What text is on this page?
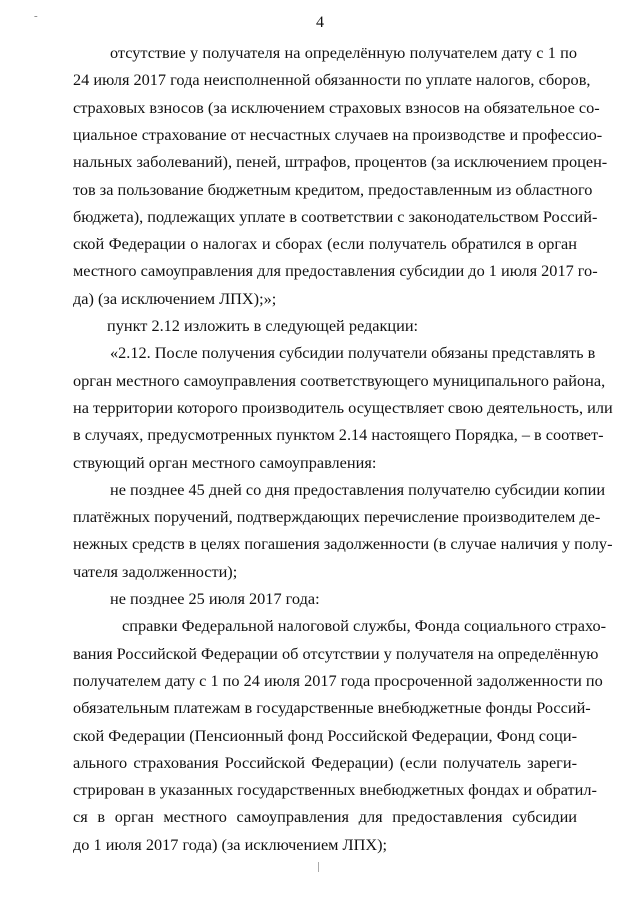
-	4
отсутствие у получателя на определённую получателем дату с 1 по
24 июля 2017 года неисполненной обязанности по уплате налогов, сборов,
страховых взносов (за исключением страховых взносов на обязательное со-
циальное страхование от несчастных случаев на производстве и профессио-
нальных заболеваний), пеней, штрафов, процентов (за исключением процен-
тов за пользование бюджетным кредитом, предоставленным из областного
бюджета), подлежащих уплате в соответствии с законодательством Россий-
ской Федерации о налогах и сборах (если получатель обратился в орган
местного самоуправления для предоставления субсидии до 1 июля 2017 го-
да) (за исключением ЛПХ);»;
пункт 2.12 изложить в следующей редакции:
«2.12. После получения субсидии получатели обязаны представлять в
орган местного самоуправления соответствующего муниципального района,
на территории которого производитель осуществляет свою деятельность, или
в случаях, предусмотренных пунктом 2.14 настоящего Порядка, – в соответ-
ствующий орган местного самоуправления:
не позднее 45 дней со дня предоставления получателю субсидии копии
платёжных поручений, подтверждающих перечисление производителем де-
нежных средств в целях погашения задолженности (в случае наличия у полу-
чателя задолженности);
не позднее 25 июля 2017 года:
справки Федеральной налоговой службы, Фонда социального страхо-
вания Российской Федерации об отсутствии у получателя на определённую
получателем дату с 1 по 24 июля 2017 года просроченной задолженности по
обязательным платежам в государственные внебюджетные фонды Россий-
ской Федерации (Пенсионный фонд Российской Федерации, Фонд соци-
ального страхования Российской Федерации) (если получатель зареги-
стрирован в указанных государственных внебюджетных фондах и обратил-
ся в орган местного самоуправления для предоставления субсидии
до 1 июля 2017 года) (за исключением ЛПХ);
